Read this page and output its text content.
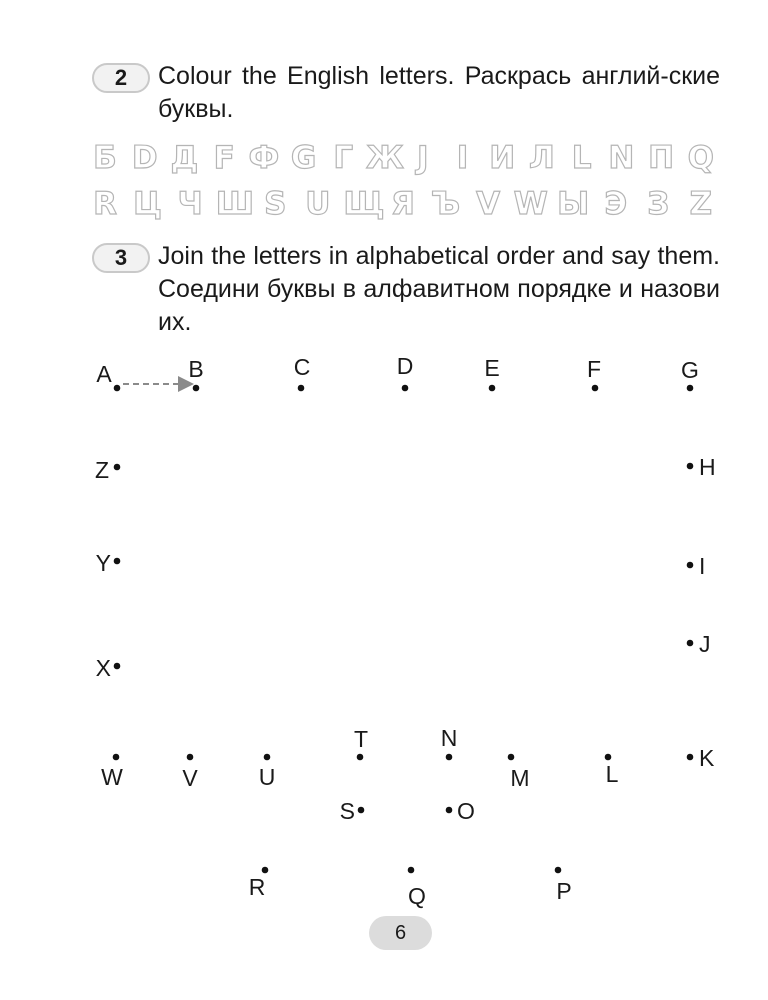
2 Colour the English letters. Раскрась англий-ские буквы.
Б D Д F Ф G Г Ж J I И Л L N П Q
R Ц Ч Ш S U Щ Я Ъ V W Ы Э З Z
3 Join the letters in alphabetical order and say them. Соедини буквы в алфавитном порядке и назови их.
A	B	C	D	E	F	G
H
I
J
K
L
M
N
O
P
Q
R
S
T
U
V
W
X
Y
Z
6
